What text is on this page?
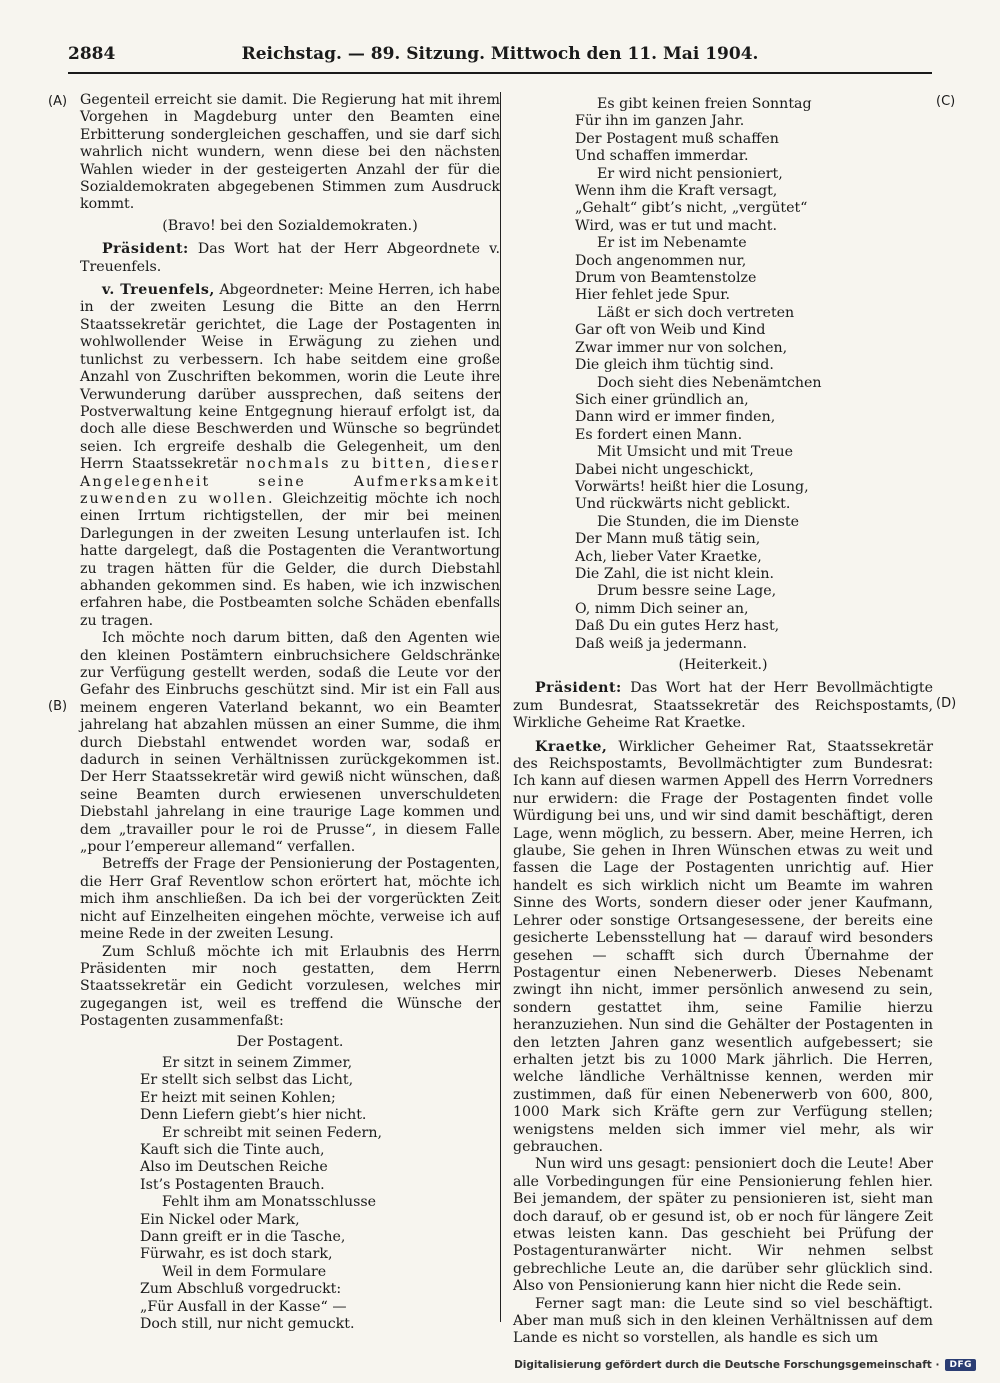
2884	Reichstag. — 89. Sitzung. Mittwoch den 11. Mai 1904.
(A)
(B)
(C)
(D)

Gegenteil erreicht sie damit. Die Regierung hat mit ihrem Vorgehen in Magdeburg unter den Beamten eine Erbitterung sondergleichen geschaffen, und sie darf sich wahrlich nicht wundern, wenn diese bei den nächsten Wahlen wieder in der gesteigerten Anzahl der für die Sozialdemokraten abgegebenen Stimmen zum Ausdruck kommt.

(Bravo! bei den Sozialdemokraten.)

Präsident: Das Wort hat der Herr Abgeordnete v. Treuenfels.

v. Treuenfels, Abgeordneter: Meine Herren, ich habe in der zweiten Lesung die Bitte an den Herrn Staatssekretär gerichtet, die Lage der Postagenten in wohlwollender Weise in Erwägung zu ziehen und tunlichst zu verbessern. Ich habe seitdem eine große Anzahl von Zuschriften bekommen, worin die Leute ihre Verwunderung darüber aussprechen, daß seitens der Postverwaltung keine Entgegnung hierauf erfolgt ist, da doch alle diese Beschwerden und Wünsche so begründet seien. Ich ergreife deshalb die Gelegenheit, um den Herrn Staatssekretär nochmals zu bitten, dieser Angelegenheit seine Aufmerksamkeit zuwenden zu wollen. Gleichzeitig möchte ich noch einen Irrtum richtigstellen, der mir bei meinen Darlegungen in der zweiten Lesung unterlaufen ist. Ich hatte dargelegt, daß die Postagenten die Verantwortung zu tragen hätten für die Gelder, die durch Diebstahl abhanden gekommen sind. Es haben, wie ich inzwischen erfahren habe, die Postbeamten solche Schäden ebenfalls zu tragen.

Ich möchte noch darum bitten, daß den Agenten wie den kleinen Postämtern einbruchsichere Geldschränke zur Verfügung gestellt werden, sodaß die Leute vor der Gefahr des Einbruchs geschützt sind. Mir ist ein Fall aus meinem engeren Vaterland bekannt, wo ein Beamter jahrelang hat abzahlen müssen an einer Summe, die ihm durch Diebstahl entwendet worden war, sodaß er dadurch in seinen Verhältnissen zurückgekommen ist. Der Herr Staatssekretär wird gewiß nicht wünschen, daß seine Beamten durch erwiesenen unverschuldeten Diebstahl jahrelang in eine traurige Lage kommen und dem „travailler pour le roi de Prusse“, in diesem Falle „pour l’empereur allemand“ verfallen.

Betreffs der Frage der Pensionierung der Postagenten, die Herr Graf Reventlow schon erörtert hat, möchte ich mich ihm anschließen. Da ich bei der vorgerückten Zeit nicht auf Einzelheiten eingehen möchte, verweise ich auf meine Rede in der zweiten Lesung.

Zum Schluß möchte ich mit Erlaubnis des Herrn Präsidenten mir noch gestatten, dem Herrn Staatssekretär ein Gedicht vorzulesen, welches mir zugegangen ist, weil es treffend die Wünsche der Postagenten zusammenfaßt:

Der Postagent.
Er sitzt in seinem Zimmer,
Er stellt sich selbst das Licht,
Er heizt mit seinen Kohlen;
Denn Liefern giebt’s hier nicht.
Er schreibt mit seinen Federn,
Kauft sich die Tinte auch,
Also im Deutschen Reiche
Ist’s Postagenten Brauch.
Fehlt ihm am Monatsschlusse
Ein Nickel oder Mark,
Dann greift er in die Tasche,
Fürwahr, es ist doch stark,
Weil in dem Formulare
Zum Abschluß vorgedruckt:
„Für Ausfall in der Kasse“ —
Doch still, nur nicht gemuckt.
Es gibt keinen freien Sonntag
Für ihn im ganzen Jahr.
Der Postagent muß schaffen
Und schaffen immerdar.
Er wird nicht pensioniert,
Wenn ihm die Kraft versagt,
„Gehalt“ gibt’s nicht, „vergütet“
Wird, was er tut und macht.
Er ist im Nebenamte
Doch angenommen nur,
Drum von Beamtenstolze
Hier fehlet jede Spur.
Läßt er sich doch vertreten
Gar oft von Weib und Kind
Zwar immer nur von solchen,
Die gleich ihm tüchtig sind.
Doch sieht dies Nebenämtchen
Sich einer gründlich an,
Dann wird er immer finden,
Es fordert einen Mann.
Mit Umsicht und mit Treue
Dabei nicht ungeschickt,
Vorwärts! heißt hier die Losung,
Und rückwärts nicht geblickt.
Die Stunden, die im Dienste
Der Mann muß tätig sein,
Ach, lieber Vater Kraetke,
Die Zahl, die ist nicht klein.
Drum bessre seine Lage,
O, nimm Dich seiner an,
Daß Du ein gutes Herz hast,
Daß weiß ja jedermann.

(Heiterkeit.)

Präsident: Das Wort hat der Herr Bevollmächtigte zum Bundesrat, Staatssekretär des Reichspostamts, Wirkliche Geheime Rat Kraetke.

Kraetke, Wirklicher Geheimer Rat, Staatssekretär des Reichspostamts, Bevollmächtigter zum Bundesrat: Ich kann auf diesen warmen Appell des Herrn Vorredners nur erwidern: die Frage der Postagenten findet volle Würdigung bei uns, und wir sind damit beschäftigt, deren Lage, wenn möglich, zu bessern. Aber, meine Herren, ich glaube, Sie gehen in Ihren Wünschen etwas zu weit und fassen die Lage der Postagenten unrichtig auf. Hier handelt es sich wirklich nicht um Beamte im wahren Sinne des Worts, sondern dieser oder jener Kaufmann, Lehrer oder sonstige Ortsangesessene, der bereits eine gesicherte Lebensstellung hat — darauf wird besonders gesehen — schafft sich durch Übernahme der Postagentur einen Nebenerwerb. Dieses Nebenamt zwingt ihn nicht, immer persönlich anwesend zu sein, sondern gestattet ihm, seine Familie hierzu heranzuziehen. Nun sind die Gehälter der Postagenten in den letzten Jahren ganz wesentlich aufgebessert; sie erhalten jetzt bis zu 1000 Mark jährlich. Die Herren, welche ländliche Verhältnisse kennen, werden mir zustimmen, daß für einen Nebenerwerb von 600, 800, 1000 Mark sich Kräfte gern zur Verfügung stellen; wenigstens melden sich immer viel mehr, als wir gebrauchen.

Nun wird uns gesagt: pensioniert doch die Leute! Aber alle Vorbedingungen für eine Pensionierung fehlen hier. Bei jemandem, der später zu pensionieren ist, sieht man doch darauf, ob er gesund ist, ob er noch für längere Zeit etwas leisten kann. Das geschieht bei Prüfung der Postagenturanwärter nicht. Wir nehmen selbst gebrechliche Leute an, die darüber sehr glücklich sind. Also von Pensionierung kann hier nicht die Rede sein.

Ferner sagt man: die Leute sind so viel beschäftigt. Aber man muß sich in den kleinen Verhältnissen auf dem Lande es nicht so vorstellen, als handle es sich um

Digitalisierung gefördert durch die Deutsche Forschungsgemeinschaft ·	DFG
